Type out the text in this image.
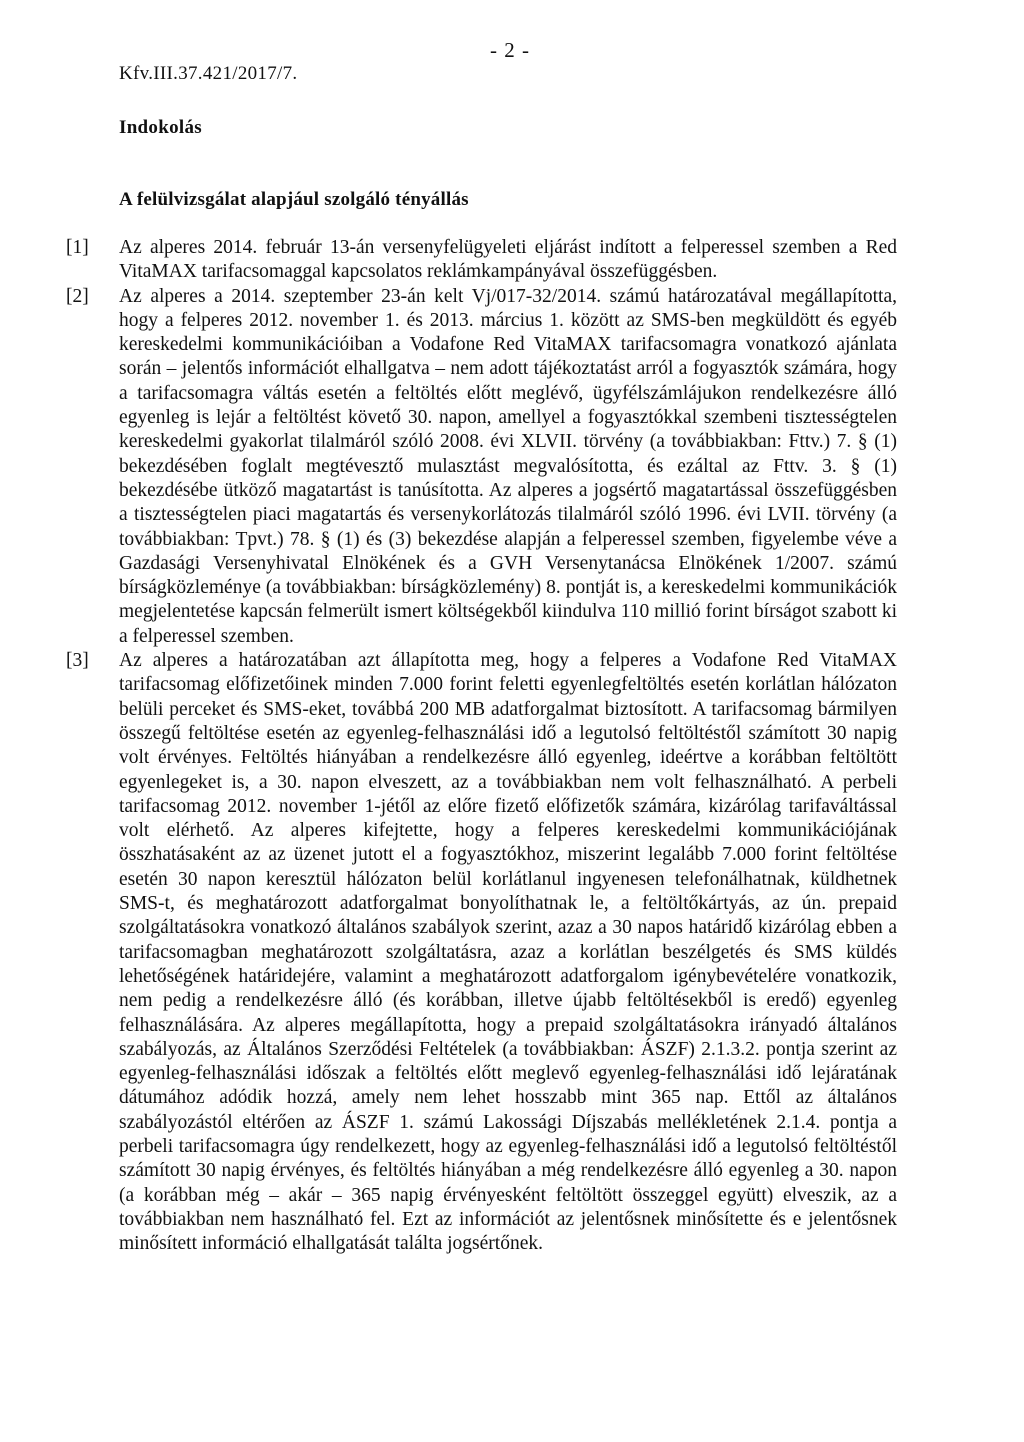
- 2 -
Kfv.III.37.421/2017/7.
Indokolás
A felülvizsgálat alapjául szolgáló tényállás
[1] Az alperes 2014. február 13-án versenyfelügyeleti eljárást indított a felperessel szemben a Red VitaMAX tarifacsomaggal kapcsolatos reklámkampányával összefüggésben.
[2] Az alperes a 2014. szeptember 23-án kelt Vj/017-32/2014. számú határozatával megállapította, hogy a felperes 2012. november 1. és 2013. március 1. között az SMS-ben megküldött és egyéb kereskedelmi kommunikációiban a Vodafone Red VitaMAX tarifacsomagra vonatkozó ajánlata során – jelentős információt elhallgatva – nem adott tájékoztatást arról a fogyasztók számára, hogy a tarifacsomagra váltás esetén a feltöltés előtt meglévő, ügyfélszámlájukon rendelkezésre álló egyenleg is lejár a feltöltést követő 30. napon, amellyel a fogyasztókkal szembeni tisztességtelen kereskedelmi gyakorlat tilalmáról szóló 2008. évi XLVII. törvény (a továbbiakban: Fttv.) 7. § (1) bekezdésében foglalt megtévesztő mulasztást megvalósította, és ezáltal az Fttv. 3. § (1) bekezdésébe ütköző magatartást is tanúsította. Az alperes a jogsértő magatartással összefüggésben a tisztességtelen piaci magatartás és versenykorlátozás tilalmáról szóló 1996. évi LVII. törvény (a továbbiakban: Tpvt.) 78. § (1) és (3) bekezdése alapján a felperessel szemben, figyelembe véve a Gazdasági Versenyhivatal Elnökének és a GVH Versenytanácsa Elnökének 1/2007. számú bírságközleménye (a továbbiakban: bírságközlemény) 8. pontját is, a kereskedelmi kommunikációk megjelentetése kapcsán felmerült ismert költségekből kiindulva 110 millió forint bírságot szabott ki a felperessel szemben.
[3] Az alperes a határozatában azt állapította meg, hogy a felperes a Vodafone Red VitaMAX tarifacsomag előfizetőinek minden 7.000 forint feletti egyenlegfeltöltés esetén korlátlan hálózaton belüli perceket és SMS-eket, továbbá 200 MB adatforgalmat biztosított. A tarifacsomag bármilyen összegű feltöltése esetén az egyenleg-felhasználási idő a legutolsó feltöltéstől számított 30 napig volt érvényes. Feltöltés hiányában a rendelkezésre álló egyenleg, ideértve a korábban feltöltött egyenlegeket is, a 30. napon elveszett, az a továbbiakban nem volt felhasználható. A perbeli tarifacsomag 2012. november 1-jétől az előre fizető előfizetők számára, kizárólag tarifaváltással volt elérhető. Az alperes kifejtette, hogy a felperes kereskedelmi kommunikációjának összhatásaként az az üzenet jutott el a fogyasztókhoz, miszerint legalább 7.000 forint feltöltése esetén 30 napon keresztül hálózaton belül korlátlanul ingyenesen telefonálhatnak, küldhetnek SMS-t, és meghatározott adatforgalmat bonyolíthatnak le, a feltöltőkártyás, az ún. prepaid szolgáltatásokra vonatkozó általános szabályok szerint, azaz a 30 napos határidő kizárólag ebben a tarifacsomagban meghatározott szolgáltatásra, azaz a korlátlan beszélgetés és SMS küldés lehetőségének határidejére, valamint a meghatározott adatforgalom igénybevételére vonatkozik, nem pedig a rendelkezésre álló (és korábban, illetve újabb feltöltésekből is eredő) egyenleg felhasználására. Az alperes megállapította, hogy a prepaid szolgáltatásokra irányadó általános szabályozás, az Általános Szerződési Feltételek (a továbbiakban: ÁSZF) 2.1.3.2. pontja szerint az egyenleg-felhasználási időszak a feltöltés előtt meglevő egyenleg-felhasználási idő lejáratának dátumához adódik hozzá, amely nem lehet hosszabb mint 365 nap. Ettől az általános szabályozástól eltérően az ÁSZF 1. számú Lakossági Díjszabás mellékletének 2.1.4. pontja a perbeli tarifacsomagra úgy rendelkezett, hogy az egyenleg-felhasználási idő a legutolsó feltöltéstől számított 30 napig érvényes, és feltöltés hiányában a még rendelkezésre álló egyenleg a 30. napon (a korábban még – akár – 365 napig érvényesként feltöltött összeggel együtt) elveszik, az a továbbiakban nem használható fel. Ezt az információt az jelentősnek minősítette és e jelentősnek minősített információ elhallgatását találta jogsértőnek.
